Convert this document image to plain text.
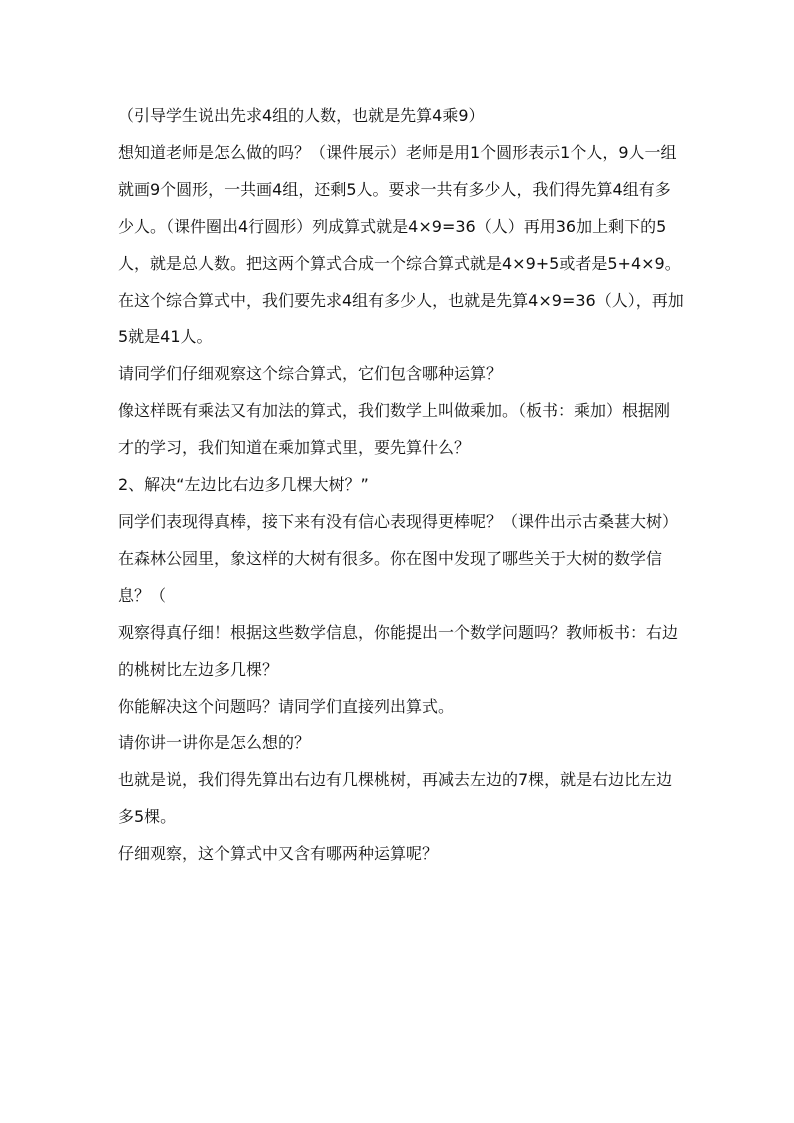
（引导学生说出先求4组的人数，也就是先算4乘9）

想知道老师是怎么做的吗？（课件展示）老师是用1个圆形表示1个人，9人一组就画9个圆形，一共画4组，还剩5人。要求一共有多少人，我们得先算4组有多少人。（课件圈出4行圆形）列成算式就是4×9=36（人）再用36加上剩下的5人，就是总人数。把这两个算式合成一个综合算式就是4×9+5或者是5+4×9。在这个综合算式中，我们要先求4组有多少人，也就是先算4×9=36（人），再加5就是41人。

请同学们仔细观察这个综合算式，它们包含哪种运算？

像这样既有乘法又有加法的算式，我们数学上叫做乘加。（板书：乘加）根据刚才的学习，我们知道在乘加算式里，要先算什么？

2、解决“左边比右边多几棵大树？”

同学们表现得真棒，接下来有没有信心表现得更棒呢？（课件出示古桑葚大树）在森林公园里，象这样的大树有很多。你在图中发现了哪些关于大树的数学信息？（

观察得真仔细！根据这些数学信息，你能提出一个数学问题吗？教师板书：右边的桃树比左边多几棵？

你能解决这个问题吗？请同学们直接列出算式。

请你讲一讲你是怎么想的？

也就是说，我们得先算出右边有几棵桃树，再减去左边的7棵，就是右边比左边多5棵。

仔细观察，这个算式中又含有哪两种运算呢？
